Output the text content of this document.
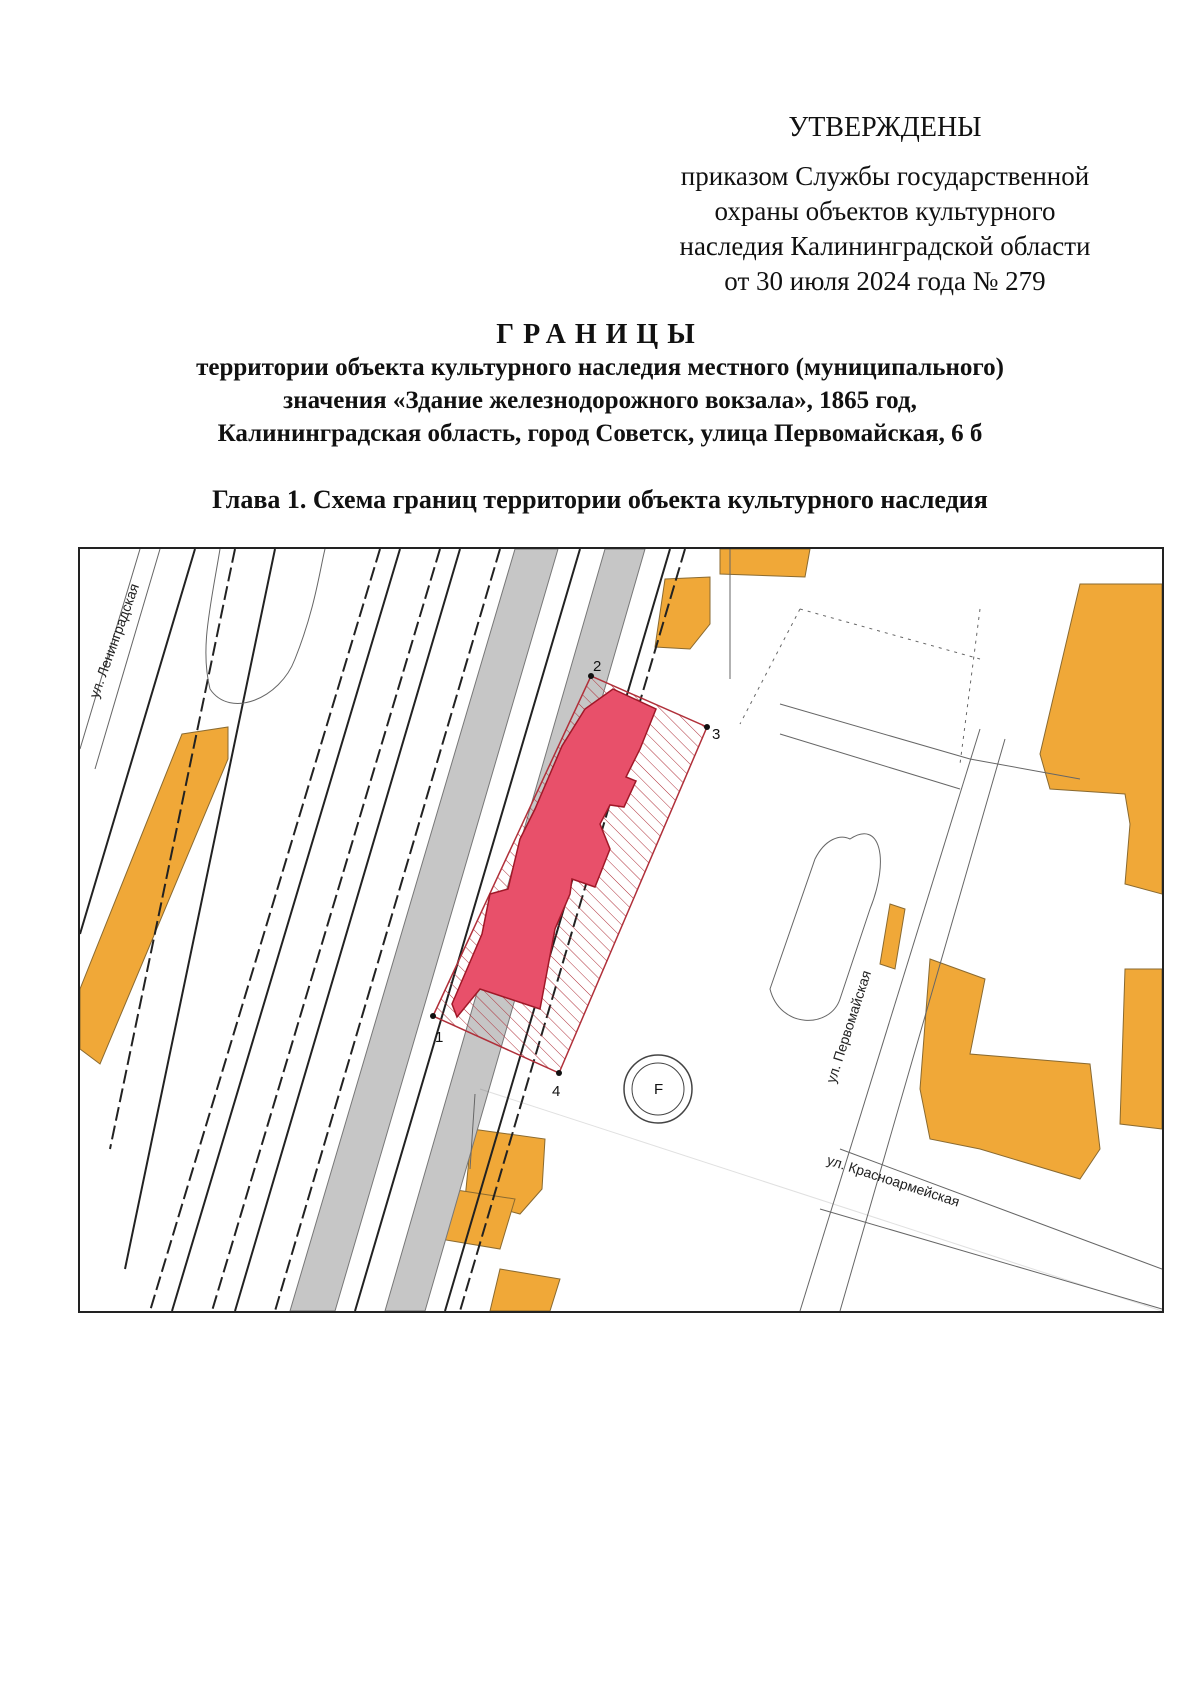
УТВЕРЖДЕНЫ
приказом Службы государственной
охраны объектов культурного
наследия Калининградской области
от 30 июля 2024 года № 279
ГРАНИЦЫ
территории объекта культурного наследия местного (муниципального)
значения «Здание железнодорожного вокзала», 1865 год,
Калининградская область, город Советск, улица Первомайская, 6 б
Глава 1. Схема границ территории объекта культурного наследия
F
1
2
3
4
ул. Ленинградская
ул. Первомайская
ул. Красноармейская
